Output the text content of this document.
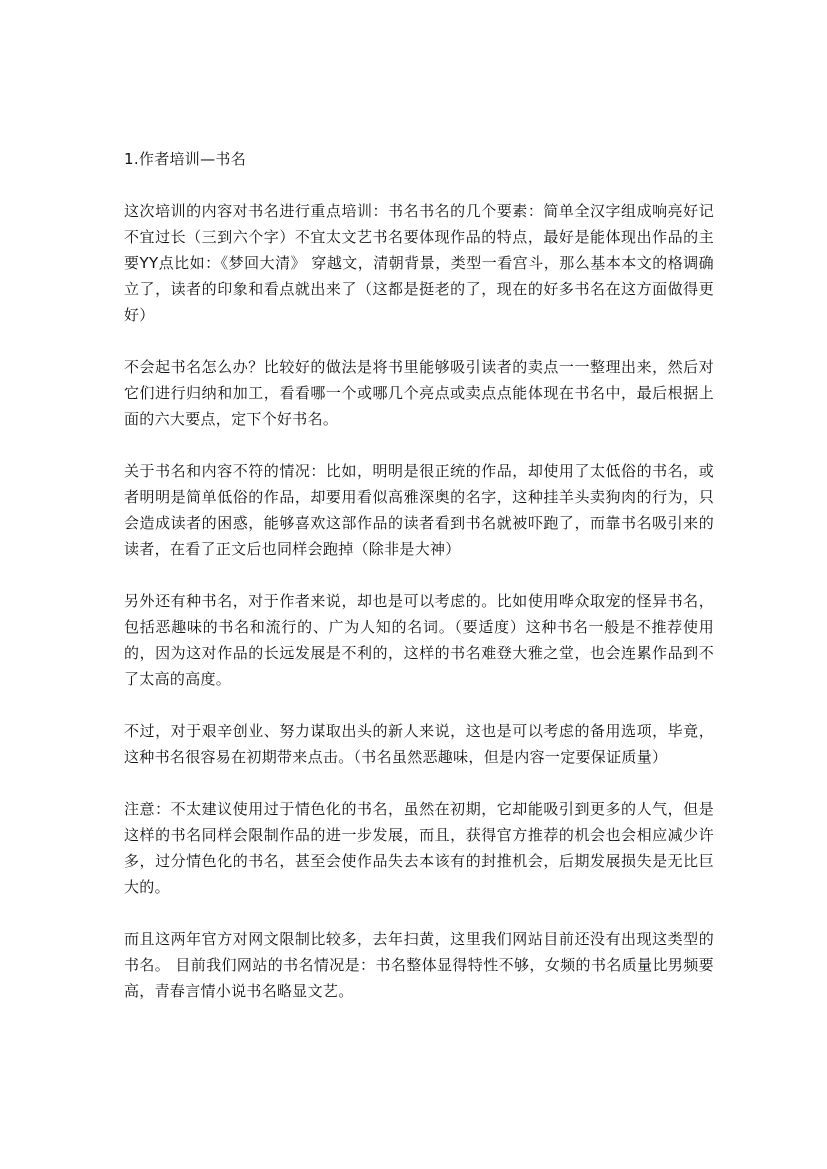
1.作者培训—书名

这次培训的内容对书名进行重点培训：书名书名的几个要素：简单全汉字组成响亮好记不宜过长（三到六个字）不宜太文艺书名要体现作品的特点，最好是能体现出作品的主要YY点比如：《梦回大清》 穿越文，清朝背景，类型一看宫斗，那么基本本文的格调确立了，读者的印象和看点就出来了（这都是挺老的了，现在的好多书名在这方面做得更好）

不会起书名怎么办？比较好的做法是将书里能够吸引读者的卖点一一整理出来，然后对它们进行归纳和加工，看看哪一个或哪几个亮点或卖点点能体现在书名中，最后根据上面的六大要点，定下个好书名。

关于书名和内容不符的情况：比如，明明是很正统的作品，却使用了太低俗的书名，或者明明是简单低俗的作品，却要用看似高雅深奥的名字，这种挂羊头卖狗肉的行为，只会造成读者的困惑，能够喜欢这部作品的读者看到书名就被吓跑了，而靠书名吸引来的读者，在看了正文后也同样会跑掉（除非是大神）

另外还有种书名，对于作者来说，却也是可以考虑的。比如使用哗众取宠的怪异书名，包括恶趣味的书名和流行的、广为人知的名词。（要适度）这种书名一般是不推荐使用的，因为这对作品的长远发展是不利的，这样的书名难登大雅之堂，也会连累作品到不了太高的高度。

不过，对于艰辛创业、努力谋取出头的新人来说，这也是可以考虑的备用选项，毕竟，这种书名很容易在初期带来点击。（书名虽然恶趣味，但是内容一定要保证质量）

注意：不太建议使用过于情色化的书名，虽然在初期，它却能吸引到更多的人气，但是这样的书名同样会限制作品的进一步发展，而且，获得官方推荐的机会也会相应减少许多，过分情色化的书名，甚至会使作品失去本该有的封推机会，后期发展损失是无比巨大的。

而且这两年官方对网文限制比较多，去年扫黄，这里我们网站目前还没有出现这类型的书名。 目前我们网站的书名情况是：书名整体显得特性不够，女频的书名质量比男频要高，青春言情小说书名略显文艺。
